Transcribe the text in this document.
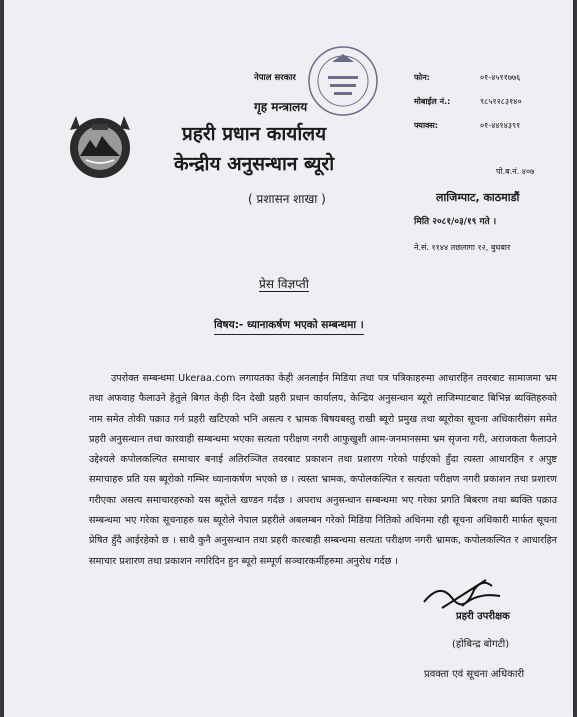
नेपाल सरकार
गृह मन्त्रालय
प्रहरी प्रधान कार्यालय
केन्द्रीय अनुसन्धान ब्यूरो
( प्रशासन शाखा )
फोन:	०१-४५११७७६
मोबाईल नं.:	९८५१२८३१४०
फ्याक्स:	०१-४४१४३९१
पो.ब.नं. ४०७
लाजिम्पाट, काठमाडौं
मिति २०८१/०३/१९ गते ।
ने.सं. ११४४ तछलागा १२, बुधबार
प्रेस विज्ञप्ती
विषय:- ध्यानाकर्षण भएको सम्बन्धमा ।

उपरोक्त सम्बन्धमा Ukeraa.com लगायतका केही अनलाईन मिडिया तथा पत्र पत्रिकाहरुमा आधारहिन तवरबाट सामाजमा भ्रम तथा अफवाह फैलाउने हेतुले बिगत केही दिन देखी प्रहरी प्रधान कार्यालय, केन्द्रिय अनुसन्धान ब्यूरो लाजिम्पाटबाट बिभिन्न ब्यक्तिहरुको नाम समेत तोकी पक्राउ गर्न प्रहरी खटिएको भनि असत्य र भ्रामक बिषयबस्तु राखी ब्यूरो प्रमुख तथा ब्यूरोका सूचना अधिकारीसंग समेत प्रहरी अनुसन्धान तथा कारवाही सम्बन्धमा भएका सत्यता परीक्षण नगरी आफुखुशी आम-जनमानसमा भ्रम सृजना गरी, अराजकता फैलाउने उद्देश्यले कपोलकल्पित समाचार बनाई अतिरञ्जित तवरबाट प्रकाशन तथा प्रशारण गरेको पाईएको हुँदा त्यस्ता आधारहिन र अपुष्ट समाचाहरु प्रति यस ब्यूरोको गम्भिर ध्यानाकर्षण भएको छ । त्यस्ता भ्रामक, कपोलकल्पित र सत्यता परीक्षण नगरी प्रकाशन तथा प्रशारण गरीएका असत्य समाचारहरुको यस ब्यूरोले खण्डन गर्दछ । अपराध अनुसन्धान सम्बन्धमा भए गरेका प्रगति बिबरण तथा ब्यक्ति पक्राउ सम्बन्धमा भए गरेका सूचनाहरु यस ब्यूरोले नेपाल प्रहरीले अबलम्बन गरेको मिडिया नितिको अधिनमा रही सूचना अधिकारी मार्फत सूचना प्रेषित हुँदै आईरहेको छ । साथै कुनै अनुसन्धान तथा प्रहरी कारबाही सम्बन्धमा सत्यता परीक्षण नगरी भ्रामक, कपोलकल्पित र आधारहिन समाचार प्रशारण तथा प्रकाशन नगरिदिन हुन ब्यूरो सम्पूर्ण सञ्चारकर्मीहरुमा अनुरोध गर्दछ ।

प्रहरी उपरीक्षक
(होबिन्द्र बोगटी)
प्रवक्ता एवं सूचना अधिकारी
